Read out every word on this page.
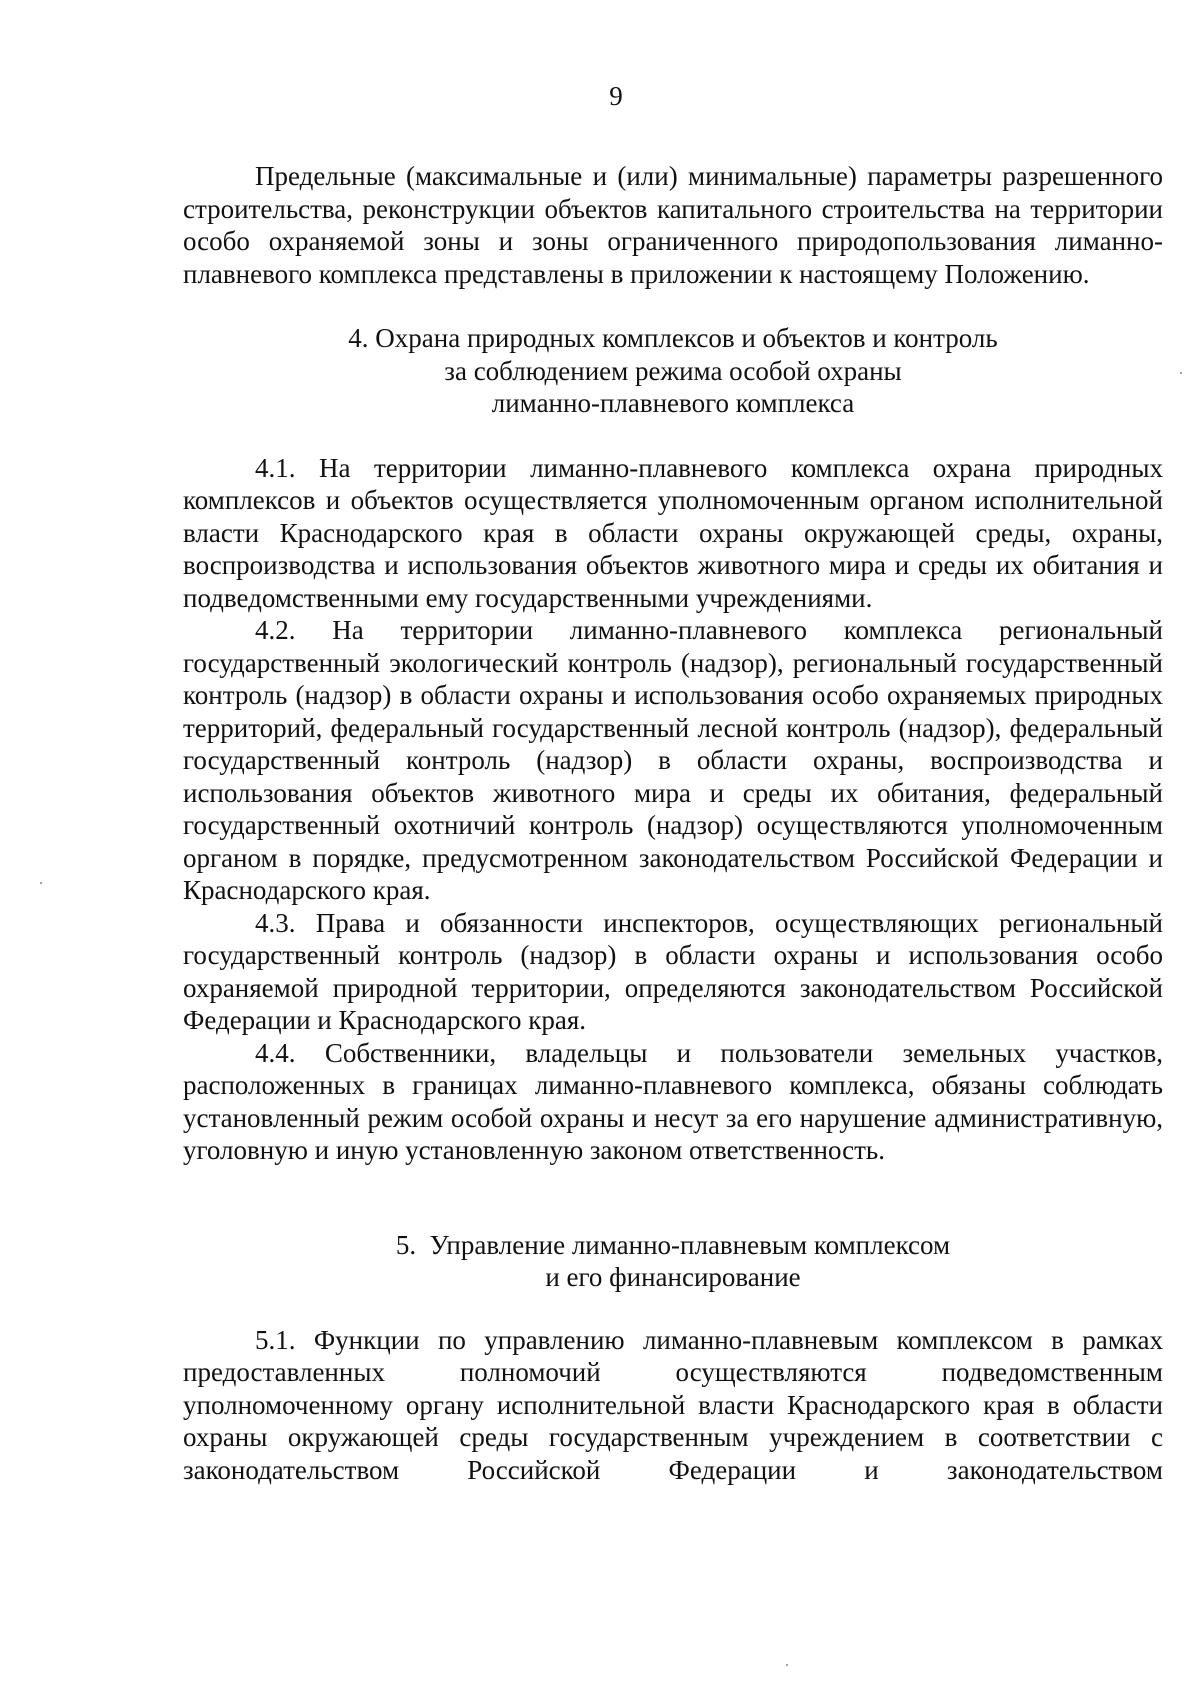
9

Предельные (максимальные и (или) минимальные) параметры разрешенного строительства, реконструкции объектов капитального строительства на территории особо охраняемой зоны и зоны ограниченного природопользования лиманно-плавневого комплекса представлены в приложении к настоящему Положению.

4. Охрана природных комплексов и объектов и контроль
за соблюдением режима особой охраны
лиманно-плавневого комплекса

4.1. На территории лиманно-плавневого комплекса охрана природных комплексов и объектов осуществляется уполномоченным органом исполнительной власти Краснодарского края в области охраны окружающей среды, охраны, воспроизводства и использования объектов животного мира и среды их обитания и подведомственными ему государственными учреждениями.

4.2. На территории лиманно-плавневого комплекса региональный государственный экологический контроль (надзор), региональный государственный контроль (надзор) в области охраны и использования особо охраняемых природных территорий, федеральный государственный лесной контроль (надзор), федеральный государственный контроль (надзор) в области охраны, воспроизводства и использования объектов животного мира и среды их обитания, федеральный государственный охотничий контроль (надзор) осуществляются уполномоченным органом в порядке, предусмотренном законодательством Российской Федерации и Краснодарского края.

4.3. Права и обязанности инспекторов, осуществляющих региональный государственный контроль (надзор) в области охраны и использования особо охраняемой природной территории, определяются законодательством Российской Федерации и Краснодарского края.

4.4. Собственники, владельцы и пользователи земельных участков, расположенных в границах лиманно-плавневого комплекса, обязаны соблюдать установленный режим особой охраны и несут за его нарушение административную, уголовную и иную установленную законом ответственность.

5.  Управление лиманно-плавневым комплексом
и его финансирование

5.1. Функции по управлению лиманно-плавневым комплексом в рамках предоставленных полномочий осуществляются подведомственным уполномоченному органу исполнительной власти Краснодарского края в области охраны окружающей среды государственным учреждением в соответствии с законодательством Российской Федерации и законодательством
